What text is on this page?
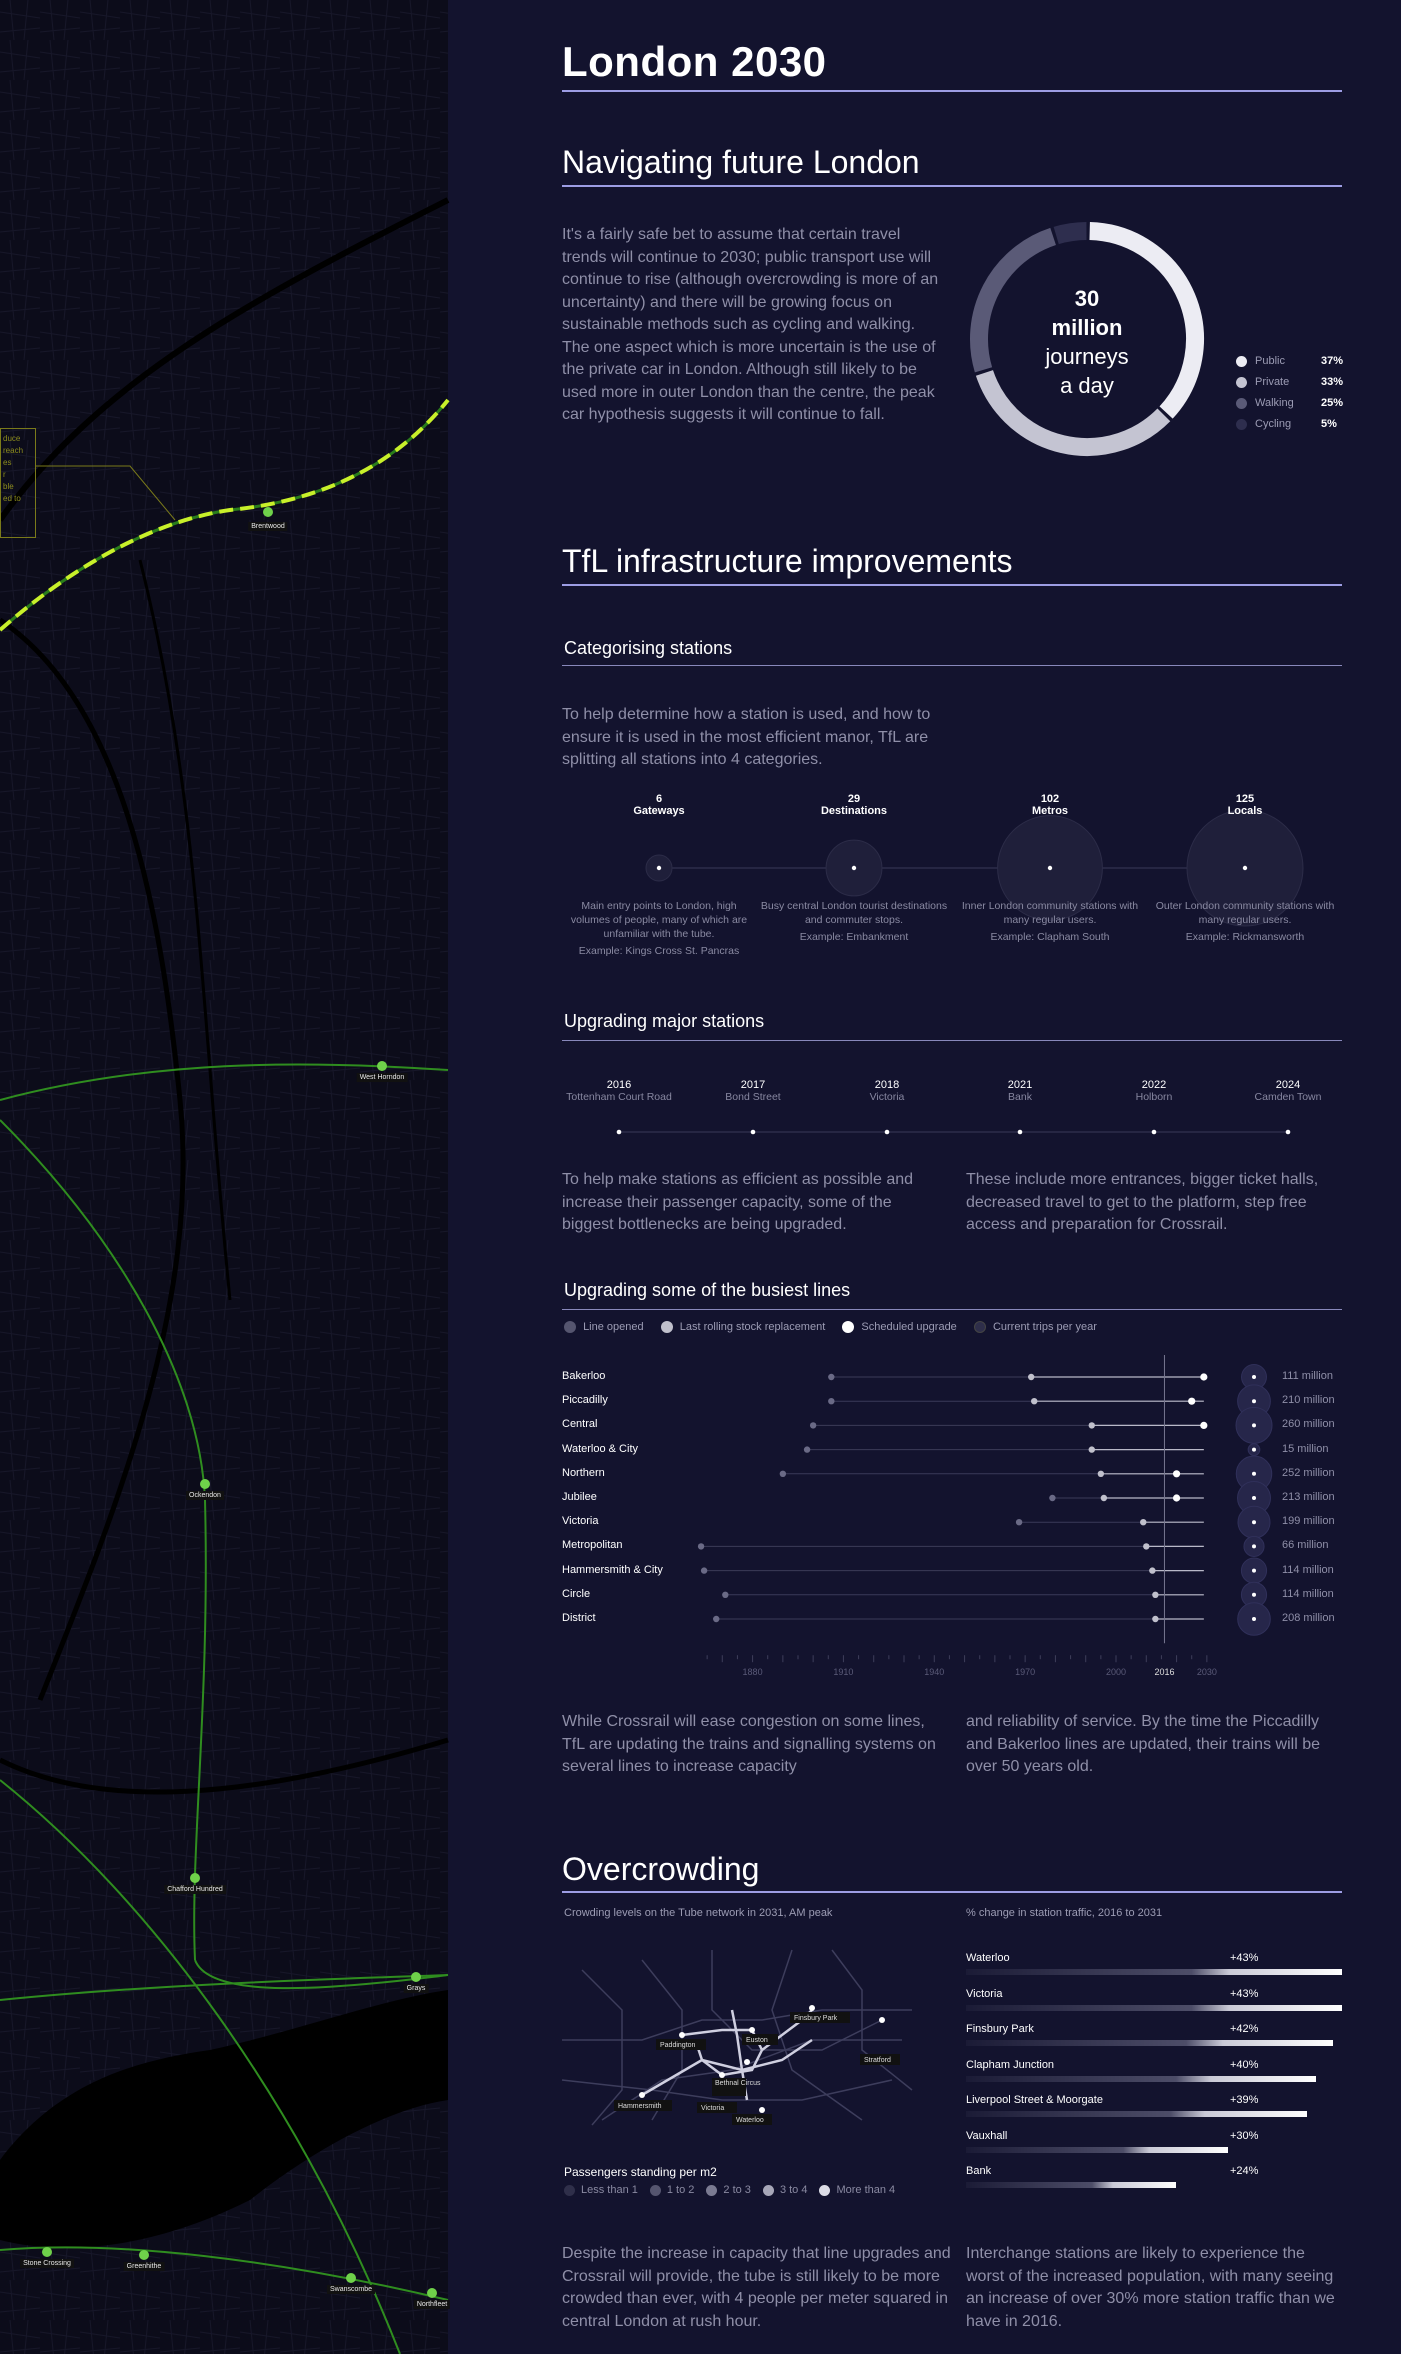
duce
reach
es
r
ble
ed to
Brentwood
West Horndon
Ockendon
Chafford Hundred
Grays
Stone Crossing	Greenhithe
Swanscombe
Northfleet
London 2030
Navigating future London
It's a fairly safe bet to assume that certain travel trends will continue to 2030; public transport use will continue to rise (although overcrowding is more of an uncertainty) and there will be growing focus on sustainable methods such as cycling and walking. The one aspect which is more uncertain is the use of the private car in London. Although still likely to be used more in outer London than the centre, the peak car hypothesis suggests it will continue to fall.
30
million
journeys
a day
Public	37%
Private	33%
Walking 25%
Cycling	5%
TfL infrastructure improvements
Categorising stations
To help determine how a station is used, and how to ensure it is used in the most efficient manor, TfL are splitting all stations into 4 categories.
6
Gateways
Main entry points to London, high volumes of people, many of which are unfamiliar with the tube.
Example: Kings Cross St. Pancras
29
Destinations
Busy central London tourist destinations and commuter stops.
Example: Embankment
102
Metros
Inner London community stations with many regular users.
Example: Clapham South
125
Locals
Outer London community stations with many regular users.
Example: Rickmansworth
Upgrading major stations
2016
Tottenham Court Road
2017
Bond Street
2018
Victoria
2021
Bank
2022
Holborn
2024
Camden Town
To help make stations as efficient as possible and increase their passenger capacity, some of the biggest bottlenecks are being upgraded.
These include more entrances, bigger ticket halls, decreased travel to get to the platform, step free access and preparation for Crossrail.
Upgrading some of the busiest lines
Line opened	Last rolling stock replacement	Scheduled upgrade	Current trips per year
1880	1910	1940	1970	2000	2016 2030
Bakerloo	111 million
Piccadilly	210 million
Central	260 million
Waterloo & City	15 million
Northern	252 million
Jubilee	213 million
Victoria	199 million
Metropolitan	66 million
Hammersmith & City	114 million
Circle	114 million
District	208 million
While Crossrail will ease congestion on some lines, TfL are updating the trains and signalling systems on several lines to increase capacity
and reliability of service. By the time the Piccadilly and Bakerloo lines are updated, their trains will be over 50 years old.
Overcrowding
Crowding levels on the Tube network in 2031, AM peak	% change in station traffic, 2016 to 2031
Paddington
Euston
Finsbury Park
Stratford
Bethnal Circus
Hammersmith	Victoria
Waterloo
Passengers standing per m2
Less than 1	1 to 2	2 to 3	3 to 4	More than 4
Waterloo	+43%
Victoria	+43%
Finsbury Park	+42%
Clapham Junction	+40%
Liverpool Street & Moorgate	+39%
Vauxhall	+30%
Bank	+24%
Despite the increase in capacity that line upgrades and Crossrail will provide, the tube is still likely to be more crowded than ever, with 4 people per meter squared in central London at rush hour.
Interchange stations are likely to experience the worst of the increased population, with many seeing an increase of over 30% more station traffic than we have in 2016.
